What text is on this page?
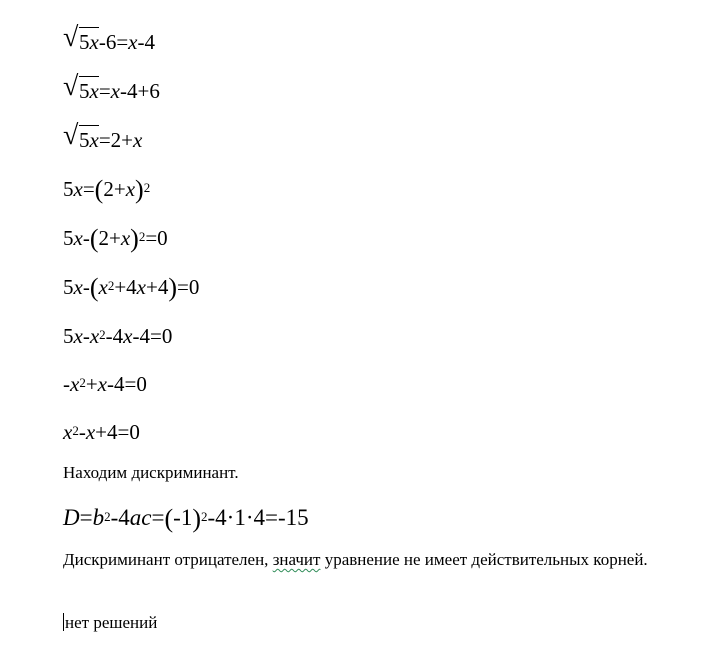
√ 5x-6=x-4
√ 5x=x-4+6
√ 5x=2+x
$5x=(2+x)^2$
$5x-(2+x)^2=0$
$5x-(x^2+4x+4)=0$
$5x-x^2-4x-4=0$
$-x^2+x-4=0$
$x^2-x+4=0$
Находим дискриминант.
$D=b^2-4ac=(-1)^2-4\cdot 1\cdot 4=-15$
Дискриминант отрицателен, значит уравнение не имеет действительных корней.
нет решений
